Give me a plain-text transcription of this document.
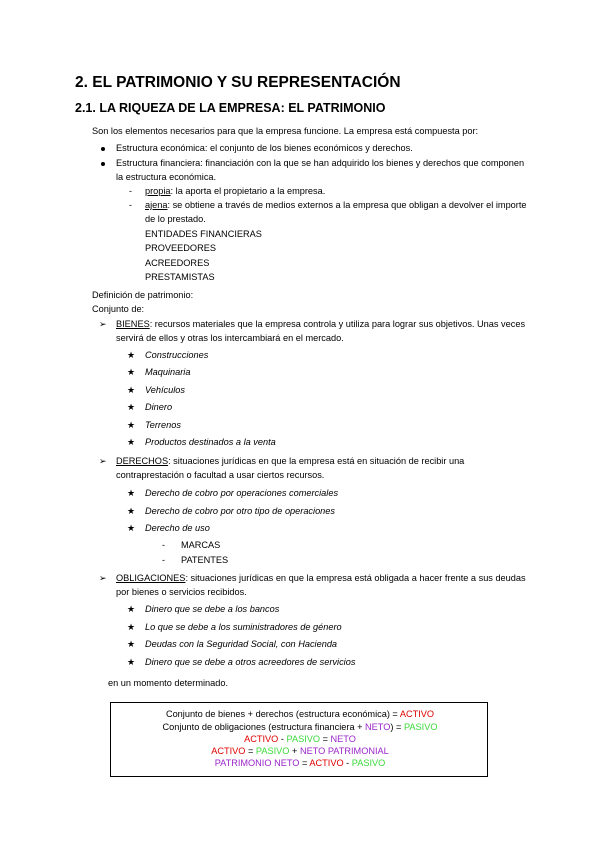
2. EL PATRIMONIO Y SU REPRESENTACIÓN
2.1. LA RIQUEZA DE LA EMPRESA: EL PATRIMONIO
Son los elementos necesarios para que la empresa funcione. La empresa está compuesta por:
Estructura económica: el conjunto de los bienes económicos y derechos.
Estructura financiera: financiación con la que se han adquirido los bienes y derechos que componen
la estructura económica.
- propia: la aporta el propietario a la empresa.
- ajena: se obtiene a través de medios externos a la empresa que obligan a devolver el importe
de lo prestado.
ENTIDADES FINANCIERAS
PROVEEDORES
ACREEDORES
PRESTAMISTAS
Definición de patrimonio:
Conjunto de:
➢ BIENES: recursos materiales que la empresa controla y utiliza para lograr sus objetivos. Unas veces
servirá de ellos y otras los intercambiará en el mercado.
★ Construcciones
★ Maquinaria
★ Vehículos
★ Dinero
★ Terrenos
★ Productos destinados a la venta
➢ DERECHOS: situaciones jurídicas en que la empresa está en situación de recibir una
contraprestación o facultad a usar ciertos recursos.
★ Derecho de cobro por operaciones comerciales
★ Derecho de cobro por otro tipo de operaciones
★ Derecho de uso
- MARCAS
- PATENTES
➢ OBLIGACIONES: situaciones jurídicas en que la empresa está obligada a hacer frente a sus deudas
por bienes o servicios recibidos.
★ Dinero que se debe a los bancos
★ Lo que se debe a los suministradores de género
★ Deudas con la Seguridad Social, con Hacienda
★ Dinero que se debe a otros acreedores de servicios
en un momento determinado.
Conjunto de bienes + derechos (estructura económica) = ACTIVO
Conjunto de obligaciones (estructura financiera + NETO) = PASIVO
ACTIVO - PASIVO = NETO
ACTIVO = PASIVO + NETO PATRIMONIAL
PATRIMONIO NETO = ACTIVO - PASIVO
